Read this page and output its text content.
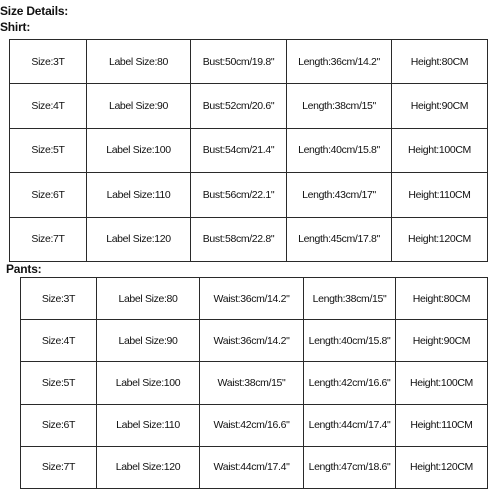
Size Details:
Shirt:
Size:3T	Label Size:80	Bust:50cm/19.8"	Length:36cm/14.2"	Height:80CM
Size:4T	Label Size:90	Bust:52cm/20.6"	Length:38cm/15"	Height:90CM
Size:5T	Label Size:100	Bust:54cm/21.4"	Length:40cm/15.8"	Height:100CM
Size:6T	Label Size:110	Bust:56cm/22.1"	Length:43cm/17"	Height:110CM
Size:7T	Label Size:120	Bust:58cm/22.8"	Length:45cm/17.8"	Height:120CM
Pants:
Size:3T	Label Size:80	Waist:36cm/14.2"	Length:38cm/15"	Height:80CM
Size:4T	Label Size:90	Waist:36cm/14.2"	Length:40cm/15.8"	Height:90CM
Size:5T	Label Size:100	Waist:38cm/15"	Length:42cm/16.6"	Height:100CM
Size:6T	Label Size:110	Waist:42cm/16.6"	Length:44cm/17.4"	Height:110CM
Size:7T	Label Size:120	Waist:44cm/17.4"	Length:47cm/18.6"	Height:120CM
